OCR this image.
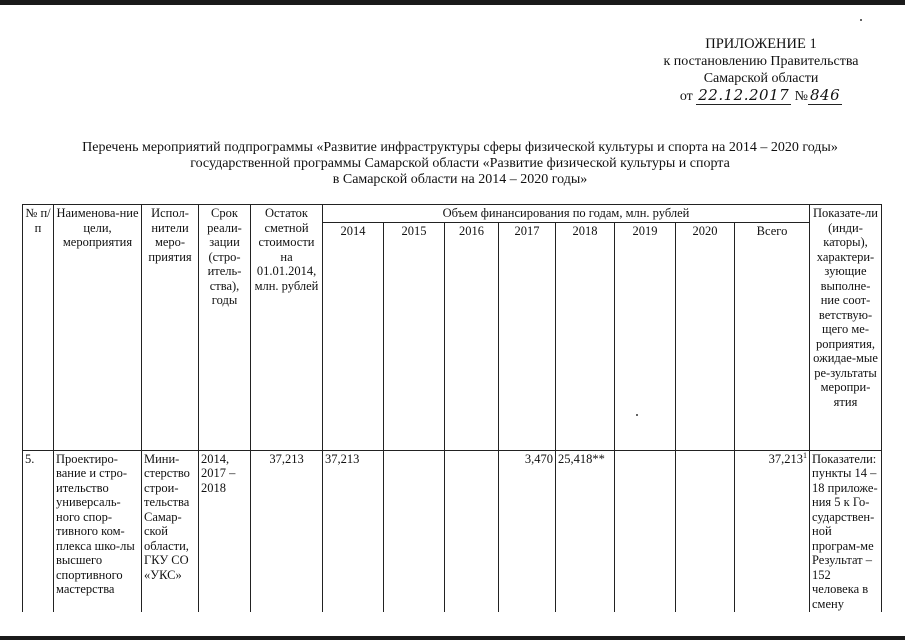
ПРИЛОЖЕНИЕ 1
к постановлению Правительства
Самарской области
от 22.12.2017 № 846
Перечень мероприятий подпрограммы «Развитие инфраструктуры сферы физической культуры и спорта на 2014 – 2020 годы»
государственной программы Самарской области «Развитие физической культуры и спорта
в Самарской области на 2014 – 2020 годы»
№ п/п	Наименова-ние цели, мероприятия	Испол-нители меро-приятия	Срок реали-зации (стро-итель-ства), годы	Остаток сметной стоимости на 01.01.2014, млн. рублей	Объем финансирования по годам, млн. рублей								Показате-ли (инди-каторы), характери-зующие выполне-ние соот-ветствую-щего ме-роприятия, ожидае-мые ре-зультаты меропри-ятия
					2014	2015	2016	2017	2018	2019	2020	Всего	
5.	Проектиро-вание и стро-ительство универсаль-ного спор-тивного ком-плекса шко-лы высшего спортивного мастерства	Мини-стерство строи-тельства Самар-ской области, ГКУ СО «УКС»	2014, 2017 – 2018	37,213	37,213			3,470	25,418**			37,213$^1$	Показатели: пункты 14 – 18 приложе-ния 5 к Го-сударствен-ной програм-ме Результат – 152 человека в смену
